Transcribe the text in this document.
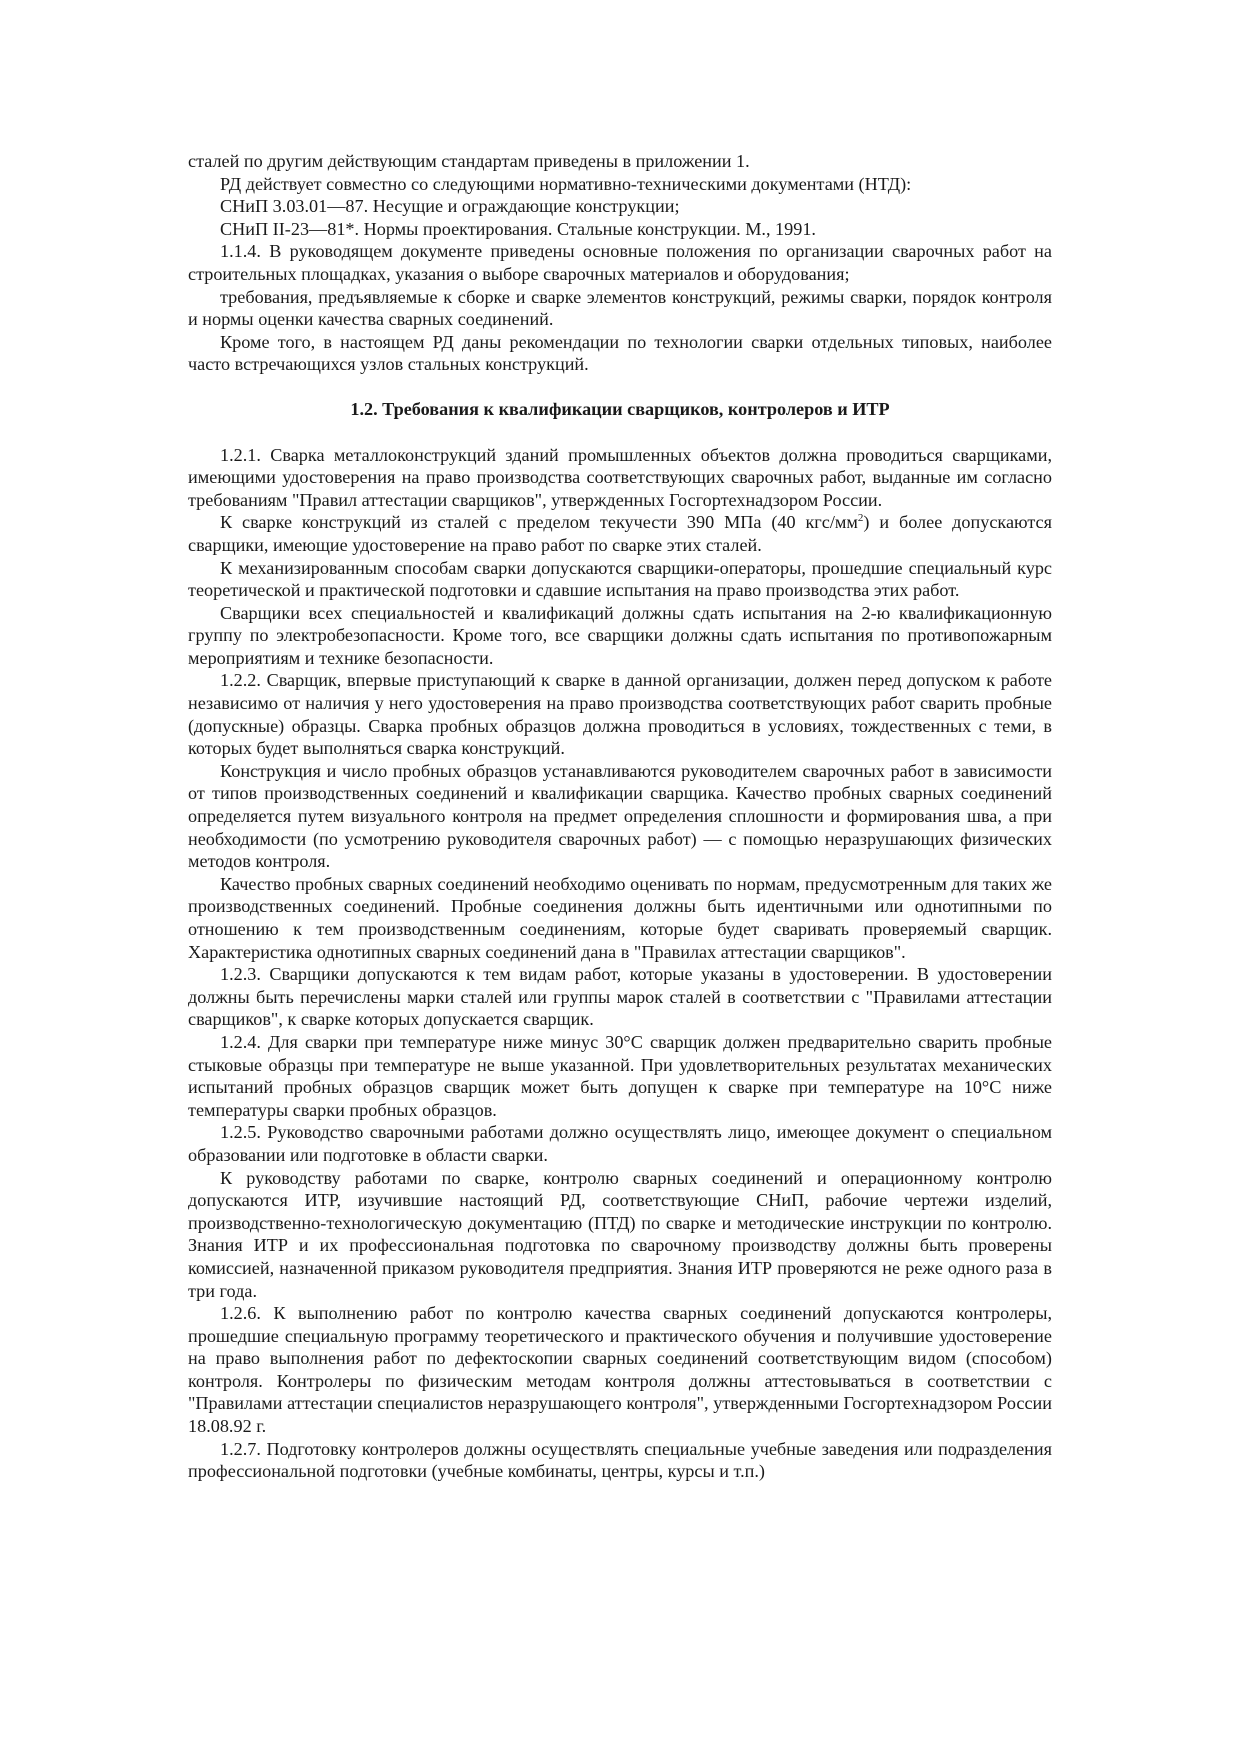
сталей по другим действующим стандартам приведены в приложении 1.

РД действует совместно со следующими нормативно-техническими документами (НТД):

СНиП 3.03.01—87. Несущие и ограждающие конструкции;

СНиП II-23—81*. Нормы проектирования. Стальные конструкции. М., 1991.

1.1.4. В руководящем документе приведены основные положения по организации сварочных работ на строительных площадках, указания о выборе сварочных материалов и оборудования;

требования, предъявляемые к сборке и сварке элементов конструкций, режимы сварки, порядок контроля и нормы оценки качества сварных соединений.

Кроме того, в настоящем РД даны рекомендации по технологии сварки отдельных типовых, наиболее часто встречающихся узлов стальных конструкций.

1.2. Требования к квалификации сварщиков, контролеров и ИТР

1.2.1. Сварка металлоконструкций зданий промышленных объектов должна проводиться сварщиками, имеющими удостоверения на право производства соответствующих сварочных работ, выданные им согласно требованиям "Правил аттестации сварщиков", утвержденных Госгортехнадзором России.

К сварке конструкций из сталей с пределом текучести 390 МПа (40 кгс/$мм^2$) и более допускаются сварщики, имеющие удостоверение на право работ по сварке этих сталей.

К механизированным способам сварки допускаются сварщики-операторы, прошедшие специальный курс теоретической и практической подготовки и сдавшие испытания на право производства этих работ.

Сварщики всех специальностей и квалификаций должны сдать испытания на 2-ю квалификационную группу по электробезопасности. Кроме того, все сварщики должны сдать испытания по противопожарным мероприятиям и технике безопасности.

1.2.2. Сварщик, впервые приступающий к сварке в данной организации, должен перед допуском к работе независимо от наличия у него удостоверения на право производства соответствующих работ сварить пробные (допускные) образцы. Сварка пробных образцов должна проводиться в условиях, тождественных с теми, в которых будет выполняться сварка конструкций.

Конструкция и число пробных образцов устанавливаются руководителем сварочных работ в зависимости от типов производственных соединений и квалификации сварщика. Качество пробных сварных соединений определяется путем визуального контроля на предмет определения сплошности и формирования шва, а при необходимости (по усмотрению руководителя сварочных работ) — с помощью неразрушающих физических методов контроля.

Качество пробных сварных соединений необходимо оценивать по нормам, предусмотренным для таких же производственных соединений. Пробные соединения должны быть идентичными или однотипными по отношению к тем производственным соединениям, которые будет сваривать проверяемый сварщик. Характеристика однотипных сварных соединений дана в "Правилах аттестации сварщиков".

1.2.3. Сварщики допускаются к тем видам работ, которые указаны в удостоверении. В удостоверении должны быть перечислены марки сталей или группы марок сталей в соответствии с "Правилами аттестации сварщиков", к сварке которых допускается сварщик.

1.2.4. Для сварки при температуре ниже минус 30°С сварщик должен предварительно сварить пробные стыковые образцы при температуре не выше указанной. При удовлетворительных результатах механических испытаний пробных образцов сварщик может быть допущен к сварке при температуре на 10°С ниже температуры сварки пробных образцов.

1.2.5. Руководство сварочными работами должно осуществлять лицо, имеющее документ о специальном образовании или подготовке в области сварки.

К руководству работами по сварке, контролю сварных соединений и операционному контролю допускаются ИТР, изучившие настоящий РД, соответствующие СНиП, рабочие чертежи изделий, производственно-технологическую документацию (ПТД) по сварке и методические инструкции по контролю. Знания ИТР и их профессиональная подготовка по сварочному производству должны быть проверены комиссией, назначенной приказом руководителя предприятия. Знания ИТР проверяются не реже одного раза в три года.

1.2.6. К выполнению работ по контролю качества сварных соединений допускаются контролеры, прошедшие специальную программу теоретического и практического обучения и получившие удостоверение на право выполнения работ по дефектоскопии сварных соединений соответствующим видом (способом) контроля. Контролеры по физическим методам контроля должны аттестовываться в соответствии с "Правилами аттестации специалистов неразрушающего контроля", утвержденными Госгортехнадзором России 18.08.92 г.

1.2.7. Подготовку контролеров должны осуществлять специальные учебные заведения или подразделения профессиональной подготовки (учебные комбинаты, центры, курсы и т.п.)
